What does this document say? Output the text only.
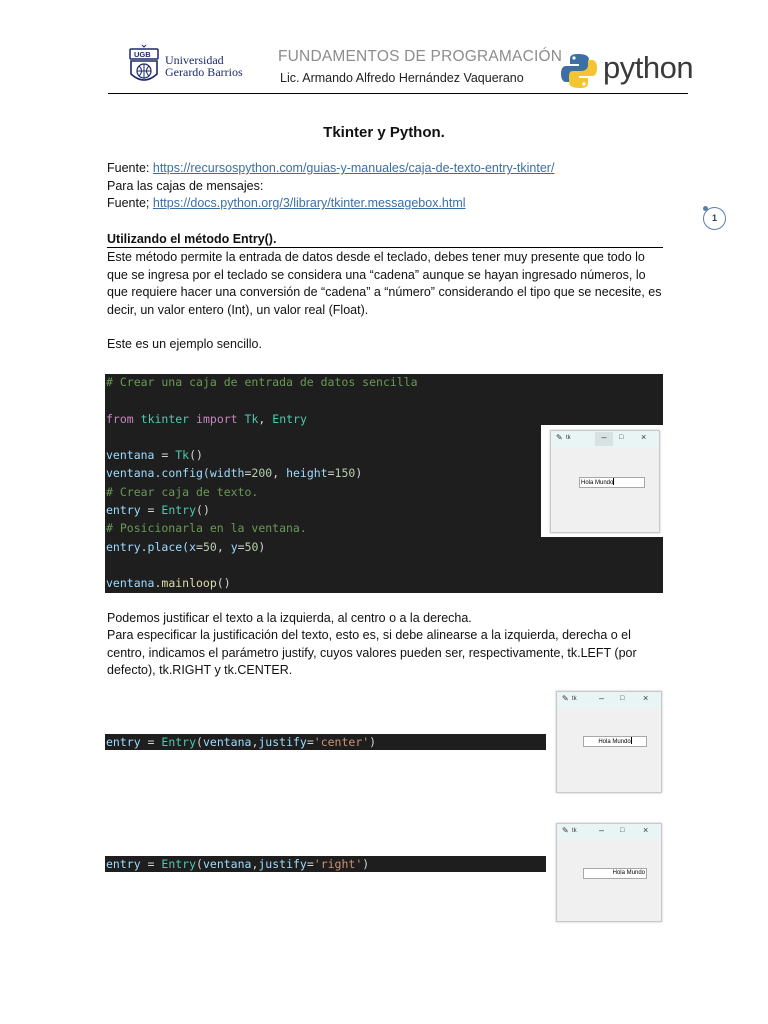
UGB Universidad
Gerardo Barrios
FUNDAMENTOS DE PROGRAMACIÓN
Lic. Armando Alfredo Hernández Vaquerano	python
Tkinter y Python.
Fuente: https://recursospython.com/guias-y-manuales/caja-de-texto-entry-tkinter/
Para las cajas de mensajes:
Fuente; https://docs.python.org/3/library/tkinter.messagebox.html
1
Utilizando el método Entry().
Este método permite la entrada de datos desde el teclado, debes tener muy presente que todo lo que se ingresa por el teclado se considera una “cadena” aunque se hayan ingresado números, lo que requiere hacer una conversión de “cadena” a “número” considerando el tipo que se necesite, es decir, un valor entero (Int), un valor real (Float).
Este es un ejemplo sencillo.
# Crear una caja de entrada de datos sencilla

from tkinter import Tk, Entry

ventana = Tk()
ventana.config(width=200, height=150)
# Crear caja de texto.
entry = Entry()
# Posicionarla en la ventana.
entry.place(x=50, y=50)

ventana.mainloop()
✎ tk	–	□ ×
Hola Mundo
Podemos justificar el texto a la izquierda, al centro o a la derecha.
Para especificar la justificación del texto, esto es, si debe alinearse a la izquierda, derecha o el centro, indicamos el parámetro justify, cuyos valores pueden ser, respectivamente, tk.LEFT (por defecto), tk.RIGHT y tk.CENTER.
entry = Entry(ventana,justify='center')
✎ tk – □ ×
Hola Mundo
entry = Entry(ventana,justify='right')
✎ tk – □ ×
Hola Mundo
